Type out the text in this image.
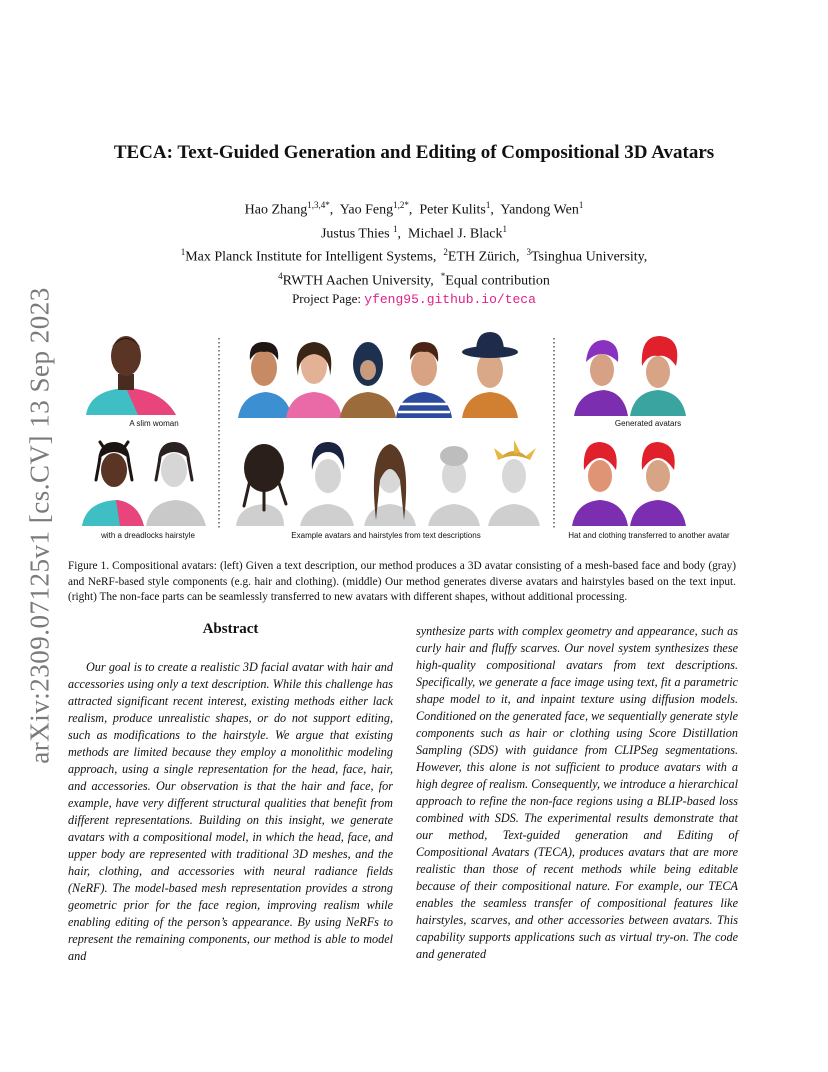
arXiv:2309.07125v1 [cs.CV] 13 Sep 2023
TECA: Text-Guided Generation and Editing of Compositional 3D Avatars
Hao Zhang$^{1,3,4*}$,  Yao Feng$^{1,2*}$,  Peter Kulits$^1$,  Yandong Wen$^1$
Justus Thies $^1$,  Michael J. Black$^1$
$^1$Max Planck Institute for Intelligent Systems,  $^2$ETH Zürich,  $^3$Tsinghua University,
$^4$RWTH Aachen University,  *Equal contribution
Project Page: yfeng95.github.io/teca
A slim woman
with a dreadlocks hairstyle	Example avatars and hairstyles from text descriptions
Generated avatars
Hat and clothing transferred to another avatar
Figure 1. Compositional avatars: (left) Given a text description, our method produces a 3D avatar consisting of a mesh-based face and body (gray) and NeRF-based style components (e.g. hair and clothing). (middle) Our method generates diverse avatars and hairstyles based on the text input. (right) The non-face parts can be seamlessly transferred to new avatars with different shapes, without additional processing.
Abstract
Our goal is to create a realistic 3D facial avatar with hair and accessories using only a text description. While this challenge has attracted significant recent interest, existing methods either lack realism, produce unrealistic shapes, or do not support editing, such as modifications to the hairstyle. We argue that existing methods are limited because they employ a monolithic modeling approach, using a single representation for the head, face, hair, and accessories. Our observation is that the hair and face, for example, have very different structural qualities that benefit from different representations. Building on this insight, we generate avatars with a compositional model, in which the head, face, and upper body are represented with traditional 3D meshes, and the hair, clothing, and accessories with neural radiance fields (NeRF). The model-based mesh representation provides a strong geometric prior for the face region, improving realism while enabling editing of the person’s appearance. By using NeRFs to represent the remaining components, our method is able to model and
synthesize parts with complex geometry and appearance, such as curly hair and fluffy scarves. Our novel system synthesizes these high-quality compositional avatars from text descriptions. Specifically, we generate a face image using text, fit a parametric shape model to it, and inpaint texture using diffusion models. Conditioned on the generated face, we sequentially generate style components such as hair or clothing using Score Distillation Sampling (SDS) with guidance from CLIPSeg segmentations. However, this alone is not sufficient to produce avatars with a high degree of realism. Consequently, we introduce a hierarchical approach to refine the non-face regions using a BLIP-based loss combined with SDS. The experimental results demonstrate that our method, Text-guided generation and Editing of Compositional Avatars (TECA), produces avatars that are more realistic than those of recent methods while being editable because of their compositional nature. For example, our TECA enables the seamless transfer of compositional features like hairstyles, scarves, and other accessories between avatars. This capability supports applications such as virtual try-on. The code and generated
